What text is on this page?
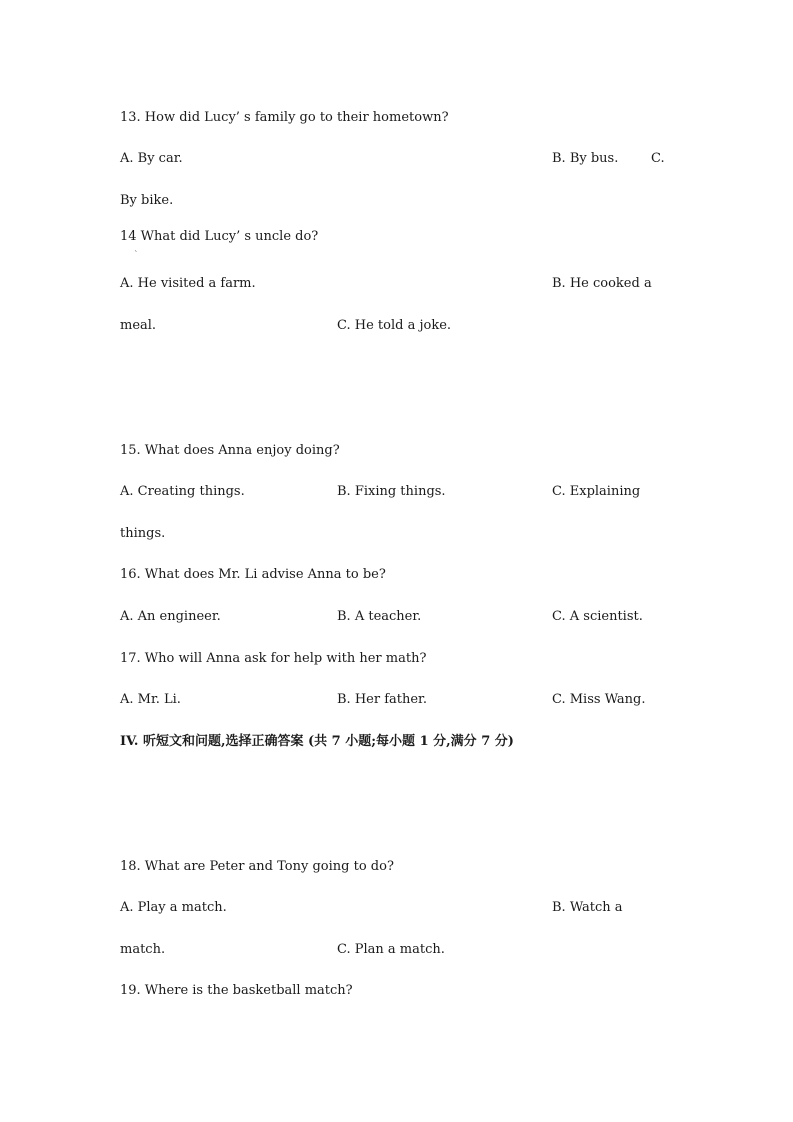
13. How did Lucy’ s family go to their hometown?
A. By car.	B. By bus.	C.
By bike.
14 What did Lucy’ s uncle do?
`
A. He visited a farm.	B. He cooked a
meal.	C. He told a joke.
15. What does Anna enjoy doing?
A. Creating things.	B. Fixing things.	C. Explaining
things.
16. What does Mr. Li advise Anna to be?
A. An engineer.	B. A teacher.	C. A scientist.
17. Who will Anna ask for help with her math?
A. Mr. Li.	B. Her father.	C. Miss Wang.
IV. 听短文和问题,选择正确答案 (共 7 小题;每小题 1 分,满分 7 分)
18. What are Peter and Tony going to do?
A. Play a match.	B. Watch a
match.	C. Plan a match.
19. Where is the basketball match?
